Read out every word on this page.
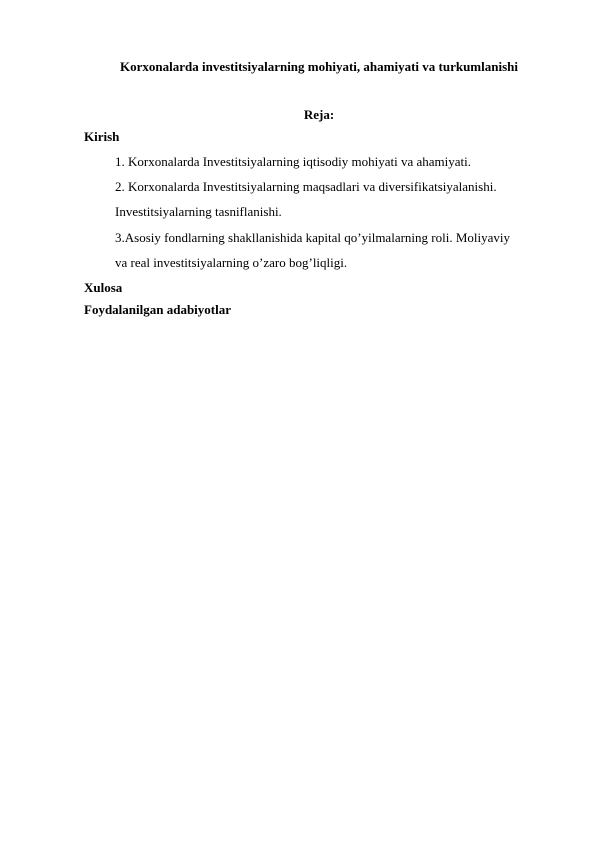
Korxonalarda investitsiyalarning mohiyati, ahamiyati va turkumlanishi
Reja:
Kirish
1. Korxonalarda Investitsiyalarning iqtisodiy mohiyati va ahamiyati.
2. Korxonalarda Investitsiyalarning maqsadlari va diversifikatsiyalanishi.
Investitsiyalarning tasniflanishi.
3.Asosiy fondlarning shakllanishida kapital qo’yilmalarning roli. Moliyaviy
va real investitsiyalarning o’zaro bog’liqligi.
Xulosa
Foydalanilgan adabiyotlar
